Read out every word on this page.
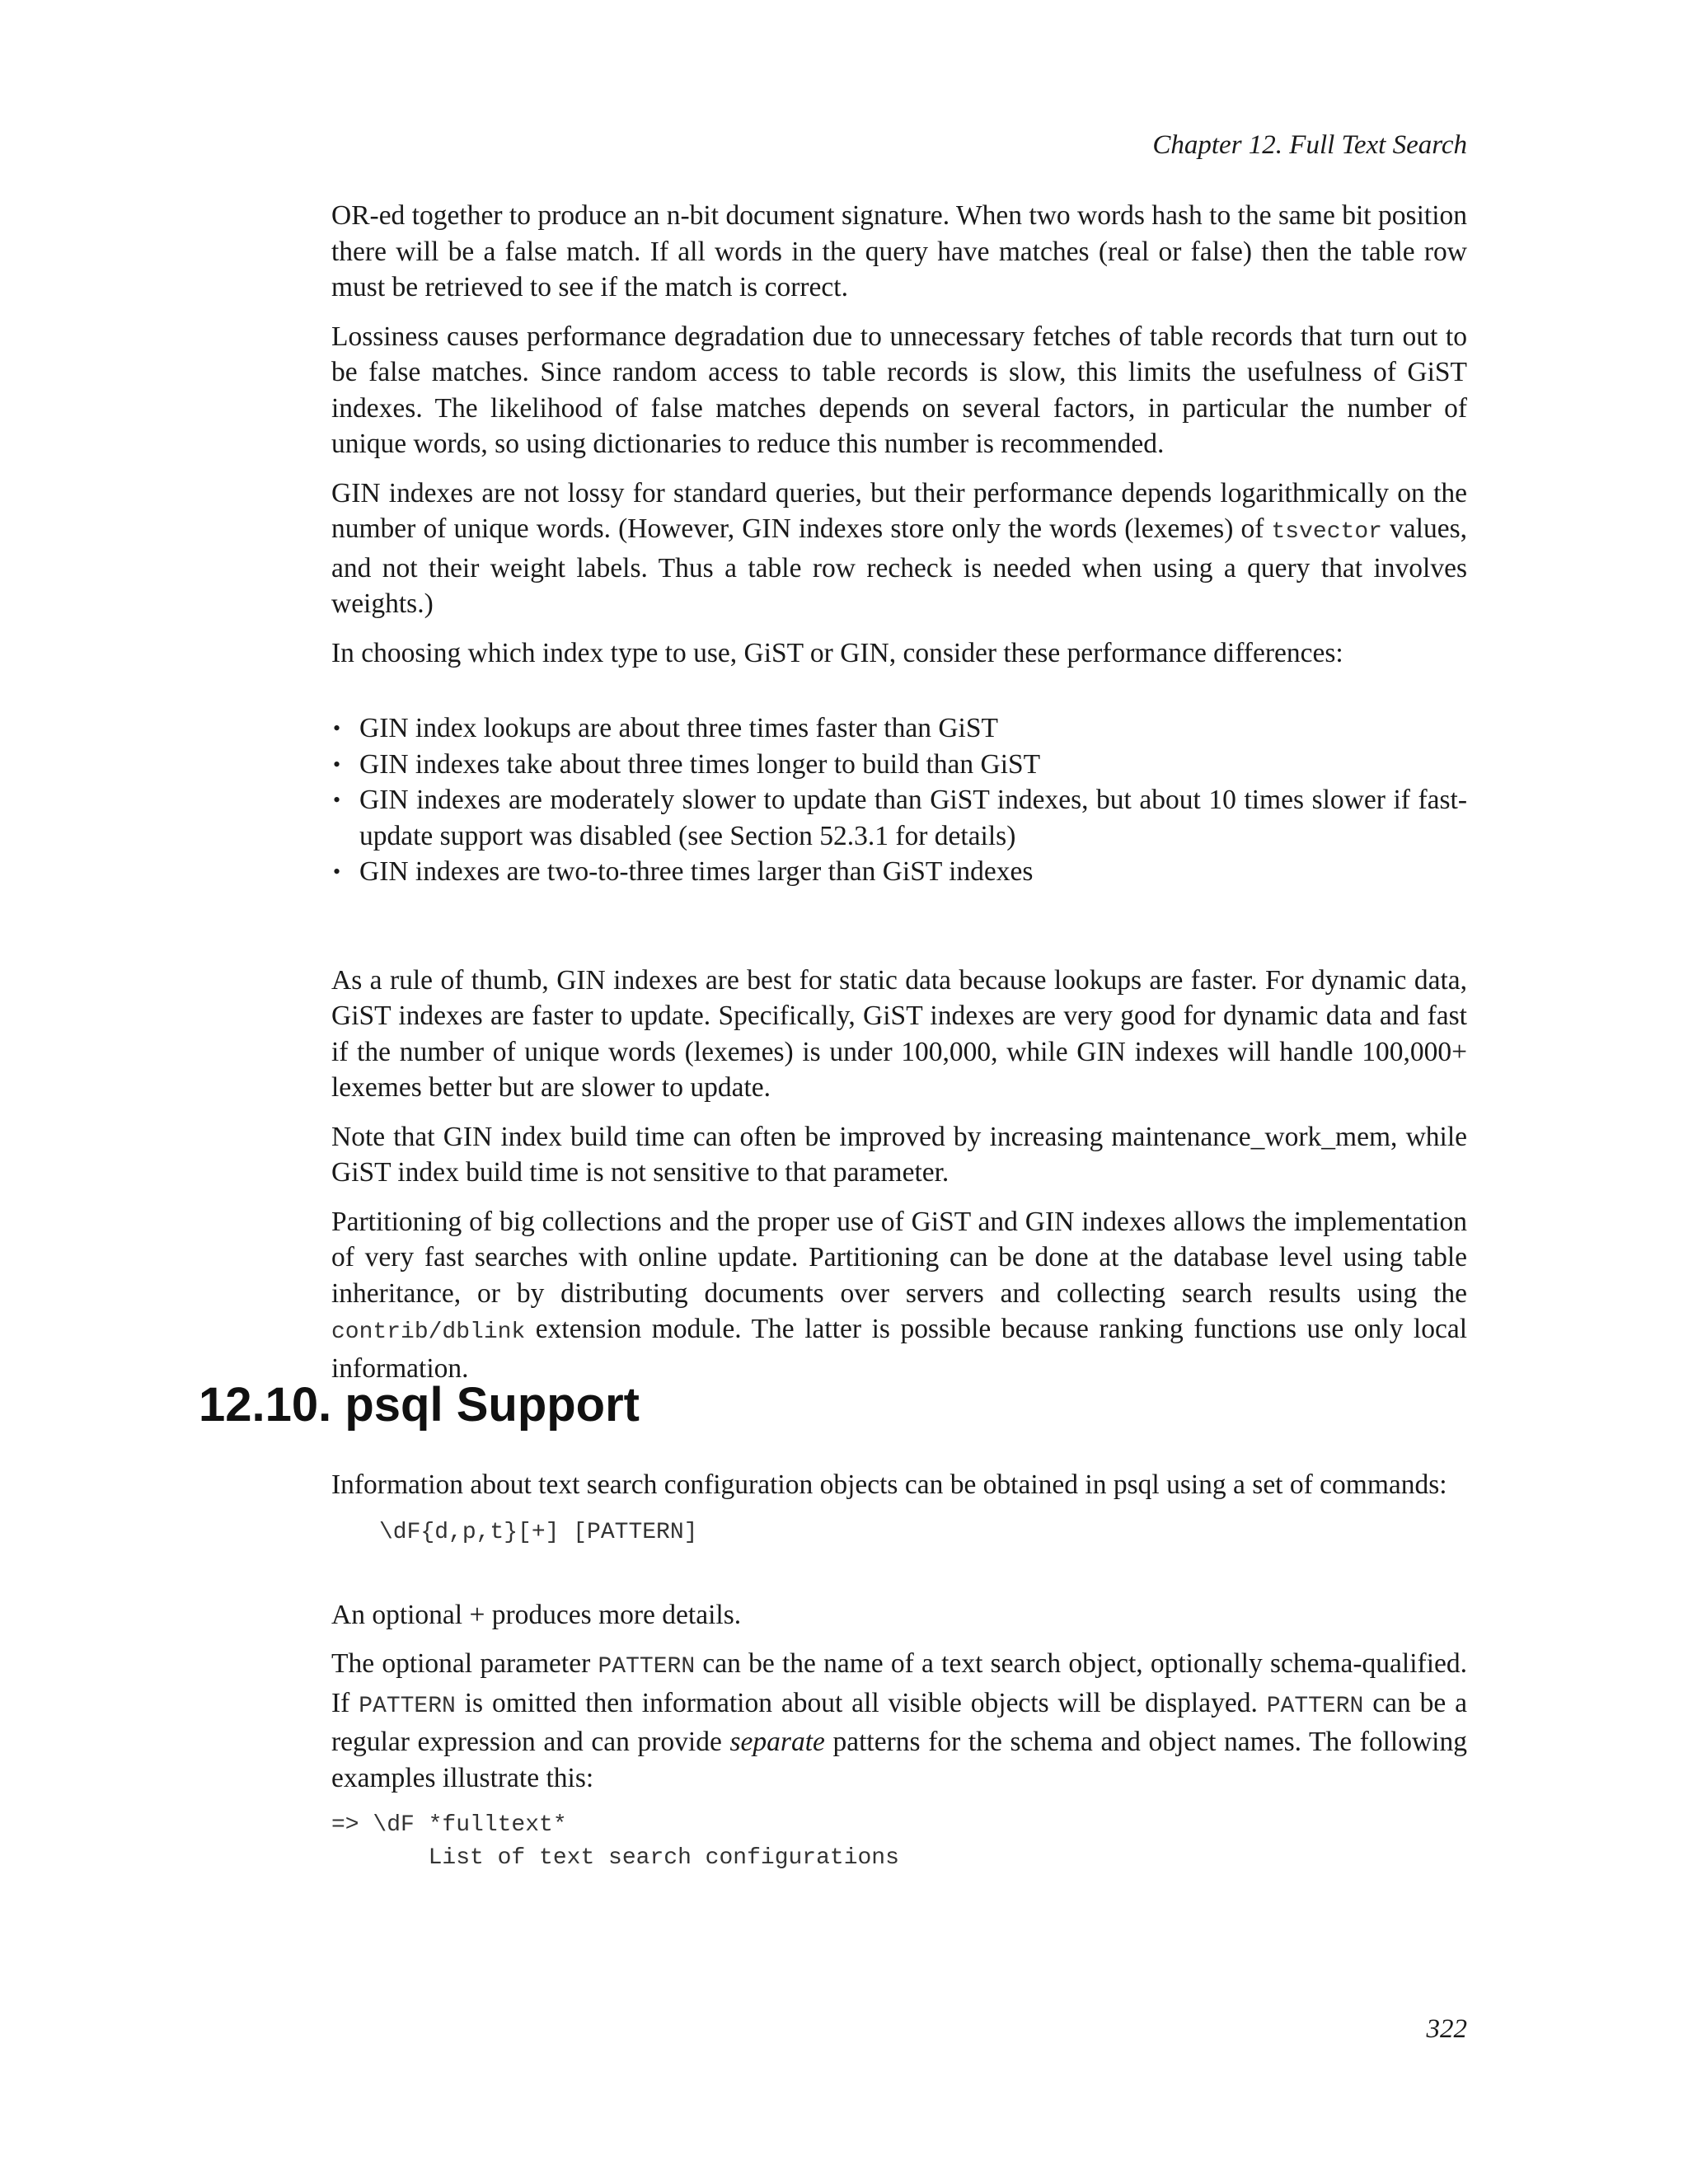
Chapter 12. Full Text Search

OR-ed together to produce an n-bit document signature. When two words hash to the same bit position there will be a false match. If all words in the query have matches (real or false) then the table row must be retrieved to see if the match is correct.

Lossiness causes performance degradation due to unnecessary fetches of table records that turn out to be false matches. Since random access to table records is slow, this limits the usefulness of GiST indexes. The likelihood of false matches depends on several factors, in particular the number of unique words, so using dictionaries to reduce this number is recommended.

GIN indexes are not lossy for standard queries, but their performance depends logarithmically on the number of unique words. (However, GIN indexes store only the words (lexemes) of tsvector values, and not their weight labels. Thus a table row recheck is needed when using a query that involves weights.)

In choosing which index type to use, GiST or GIN, consider these performance differences:

• GIN index lookups are about three times faster than GiST
• GIN indexes take about three times longer to build than GiST
• GIN indexes are moderately slower to update than GiST indexes, but about 10 times slower if fast-update support was disabled (see Section 52.3.1 for details)
• GIN indexes are two-to-three times larger than GiST indexes

As a rule of thumb, GIN indexes are best for static data because lookups are faster. For dynamic data, GiST indexes are faster to update. Specifically, GiST indexes are very good for dynamic data and fast if the number of unique words (lexemes) is under 100,000, while GIN indexes will handle 100,000+ lexemes better but are slower to update.

Note that GIN index build time can often be improved by increasing maintenance_work_mem, while GiST index build time is not sensitive to that parameter.

Partitioning of big collections and the proper use of GiST and GIN indexes allows the implementation of very fast searches with online update. Partitioning can be done at the database level using table inheritance, or by distributing documents over servers and collecting search results using the contrib/dblink extension module. The latter is possible because ranking functions use only local information.

12.10. psql Support

Information about text search configuration objects can be obtained in psql using a set of commands:

\dF{d,p,t}[+] [PATTERN]

An optional + produces more details.

The optional parameter PATTERN can be the name of a text search object, optionally schema-qualified. If PATTERN is omitted then information about all visible objects will be displayed. PATTERN can be a regular expression and can provide separate patterns for the schema and object names. The following examples illustrate this:

=> \dF *fulltext*
List of text search configurations

322
